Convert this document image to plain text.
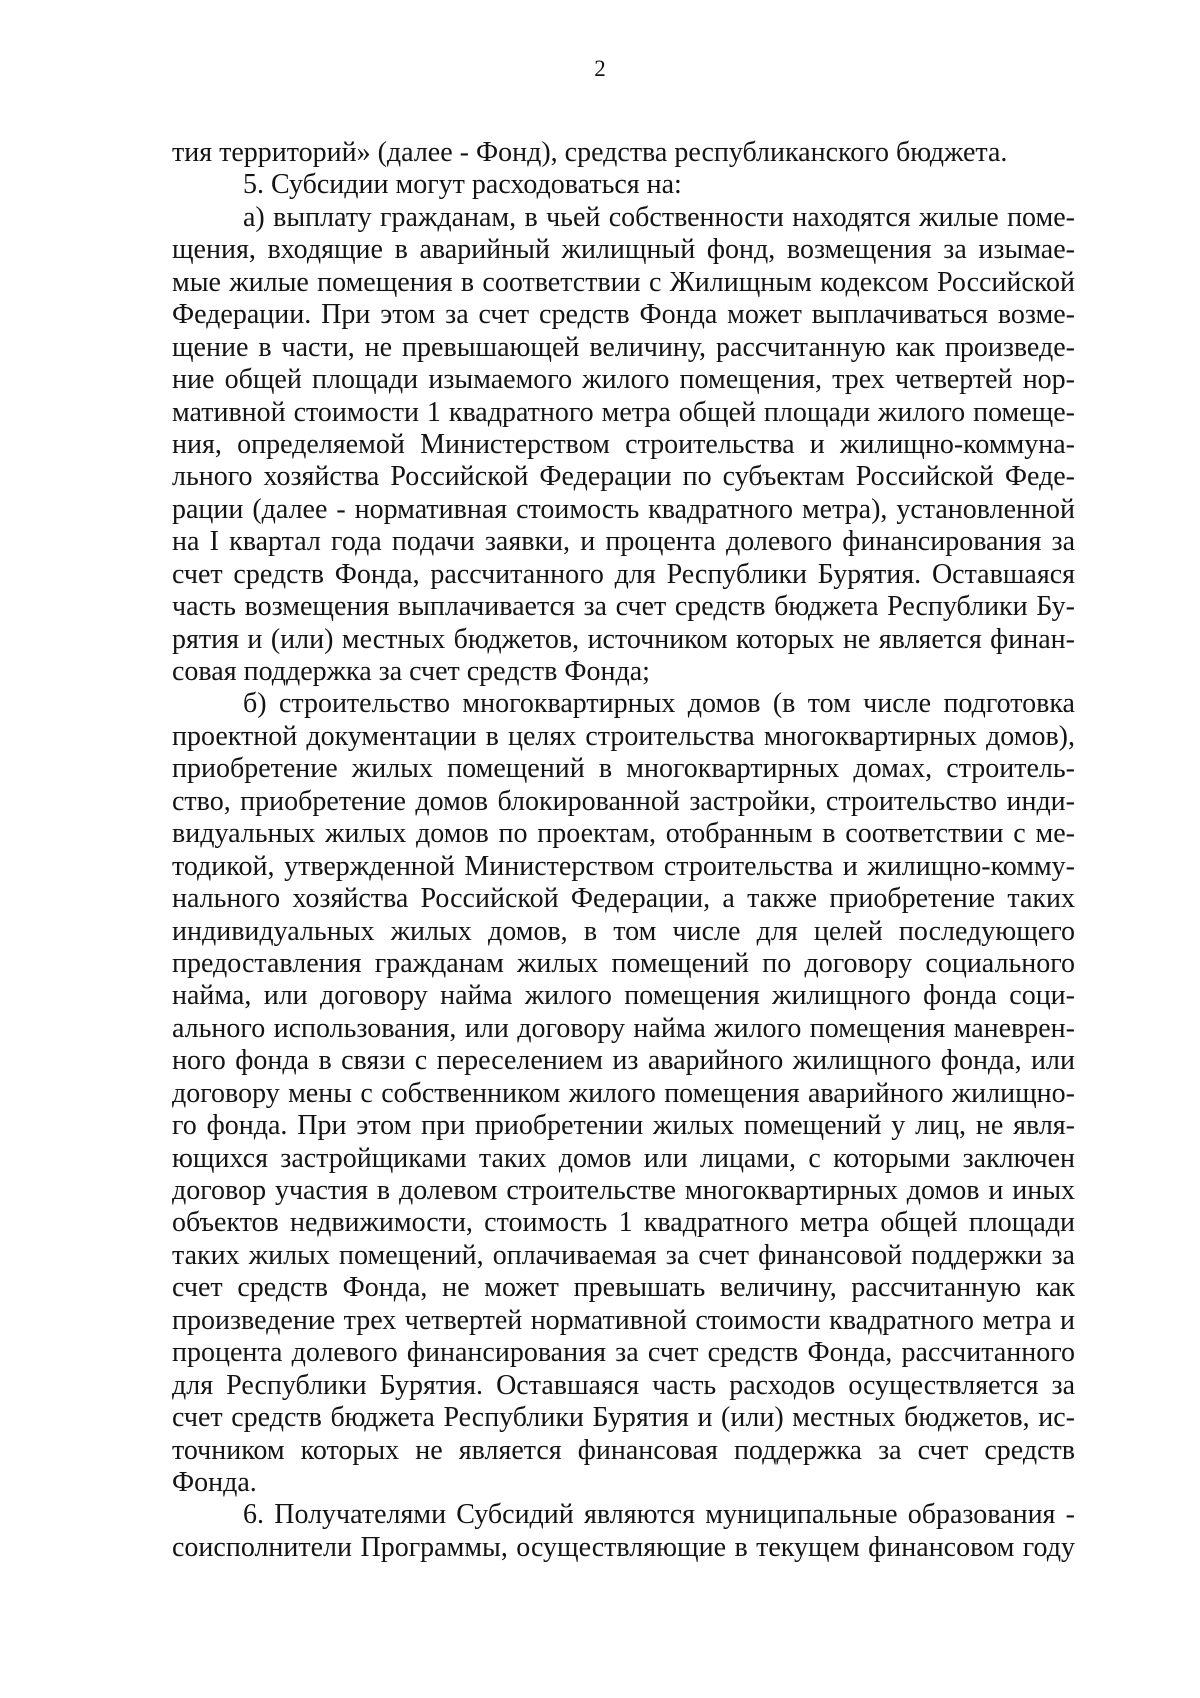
2
тия территорий» (далее - Фонд), средства республиканского бюджета.
5. Субсидии могут расходоваться на:
а) выплату гражданам, в чьей собственности находятся жилые поме-
щения, входящие в аварийный жилищный фонд, возмещения за изымае-
мые жилые помещения в соответствии с Жилищным кодексом Российской
Федерации. При этом за счет средств Фонда может выплачиваться возме-
щение в части, не превышающей величину, рассчитанную как произведе-
ние общей площади изымаемого жилого помещения, трех четвертей нор-
мативной стоимости 1 квадратного метра общей площади жилого помеще-
ния, определяемой Министерством строительства и жилищно-коммуна-
льного хозяйства Российской Федерации по субъектам Российской Феде-
рации (далее - нормативная стоимость квадратного метра), установленной
на I квартал года подачи заявки, и процента долевого финансирования за
счет средств Фонда, рассчитанного для Республики Бурятия. Оставшаяся
часть возмещения выплачивается за счет средств бюджета Республики Бу-
рятия и (или) местных бюджетов, источником которых не является финан-
совая поддержка за счет средств Фонда;
б) строительство многоквартирных домов (в том числе подготовка
проектной документации в целях строительства многоквартирных домов),
приобретение жилых помещений в многоквартирных домах, строитель-
ство, приобретение домов блокированной застройки, строительство инди-
видуальных жилых домов по проектам, отобранным в соответствии с ме-
тодикой, утвержденной Министерством строительства и жилищно-комму-
нального хозяйства Российской Федерации, а также приобретение таких
индивидуальных жилых домов, в том числе для целей последующего
предоставления гражданам жилых помещений по договору социального
найма, или договору найма жилого помещения жилищного фонда соци-
ального использования, или договору найма жилого помещения маневрен-
ного фонда в связи с переселением из аварийного жилищного фонда, или
договору мены с собственником жилого помещения аварийного жилищно-
го фонда. При этом при приобретении жилых помещений у лиц, не явля-
ющихся застройщиками таких домов или лицами, с которыми заключен
договор участия в долевом строительстве многоквартирных домов и иных
объектов недвижимости, стоимость 1 квадратного метра общей площади
таких жилых помещений, оплачиваемая за счет финансовой поддержки за
счет средств Фонда, не может превышать величину, рассчитанную как
произведение трех четвертей нормативной стоимости квадратного метра и
процента долевого финансирования за счет средств Фонда, рассчитанного
для Республики Бурятия. Оставшаяся часть расходов осуществляется за
счет средств бюджета Республики Бурятия и (или) местных бюджетов, ис-
точником которых не является финансовая поддержка за счет средств
Фонда.
6. Получателями Субсидий являются муниципальные образования -
соисполнители Программы, осуществляющие в текущем финансовом году
